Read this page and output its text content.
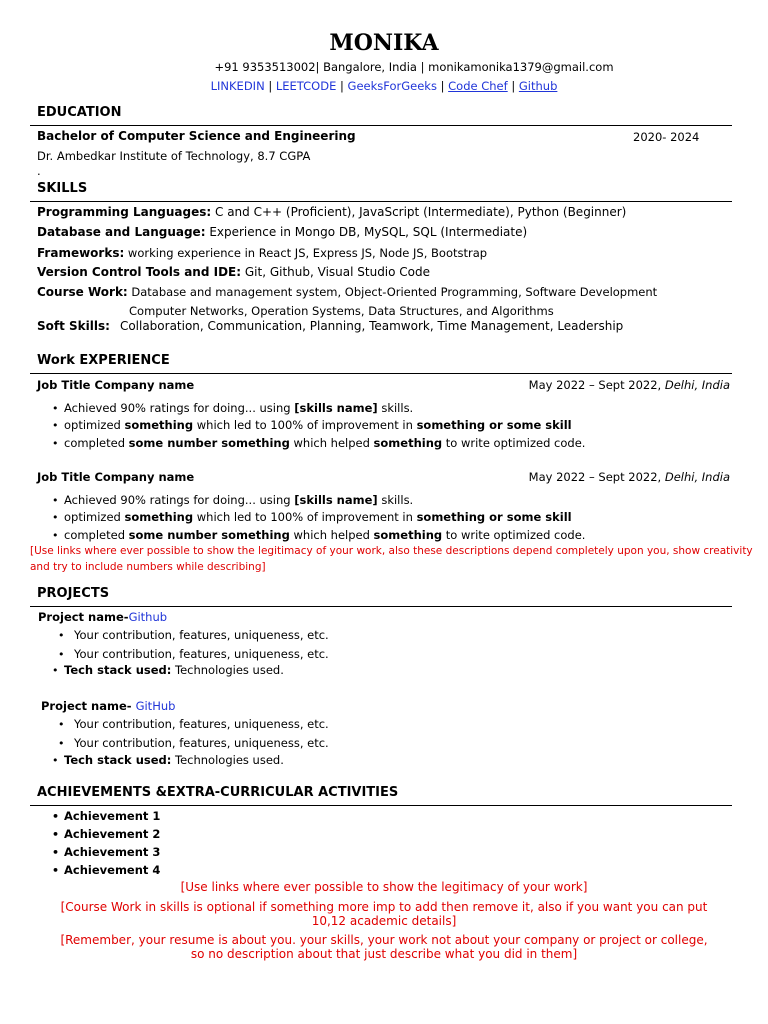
MONIKA
+91 9353513002| Bangalore, India | monikamonika1379@gmail.com
LINKEDIN | LEETCODE | GeeksForGeeks | Code Chef | Github
EDUCATION
Bachelor of Computer Science and Engineering	2020- 2024
Dr. Ambedkar Institute of Technology, 8.7 CGPA
.
SKILLS
Programming Languages: C and C++ (Proficient), JavaScript (Intermediate), Python (Beginner)
Database and Language: Experience in Mongo DB, MySQL, SQL (Intermediate)
Frameworks: working experience in React JS, Express JS, Node JS, Bootstrap
Version Control Tools and IDE: Git, Github, Visual Studio Code
Course Work: Database and management system, Object-Oriented Programming, Software Development
Computer Networks, Operation Systems, Data Structures, and Algorithms
Soft Skills: Collaboration, Communication, Planning, Teamwork, Time Management, Leadership
Work EXPERIENCE
Job Title Company name	May 2022 – Sept 2022, Delhi, India
• Achieved 90% ratings for doing... using [skills name] skills.
• optimized something which led to 100% of improvement in something or some skill
• completed some number something which helped something to write optimized code.
Job Title Company name	May 2022 – Sept 2022, Delhi, India
• Achieved 90% ratings for doing... using [skills name] skills.
• optimized something which led to 100% of improvement in something or some skill
• completed some number something which helped something to write optimized code.
[Use links where ever possible to show the legitimacy of your work, also these descriptions depend completely upon you, show creativity
and try to include numbers while describing]
PROJECTS
Project name-Github
• Your contribution, features, uniqueness, etc.
• Your contribution, features, uniqueness, etc.
• Tech stack used: Technologies used.
Project name- GitHub
• Your contribution, features, uniqueness, etc.
• Your contribution, features, uniqueness, etc.
• Tech stack used: Technologies used.
ACHIEVEMENTS &EXTRA-CURRICULAR ACTIVITIES
• Achievement 1
• Achievement 2
• Achievement 3
• Achievement 4
[Use links where ever possible to show the legitimacy of your work]
[Course Work in skills is optional if something more imp to add then remove it, also if you want you can put 10,12 academic details]
[Remember, your resume is about you. your skills, your work not about your company or project or college, so no description about that just describe what you did in them]
